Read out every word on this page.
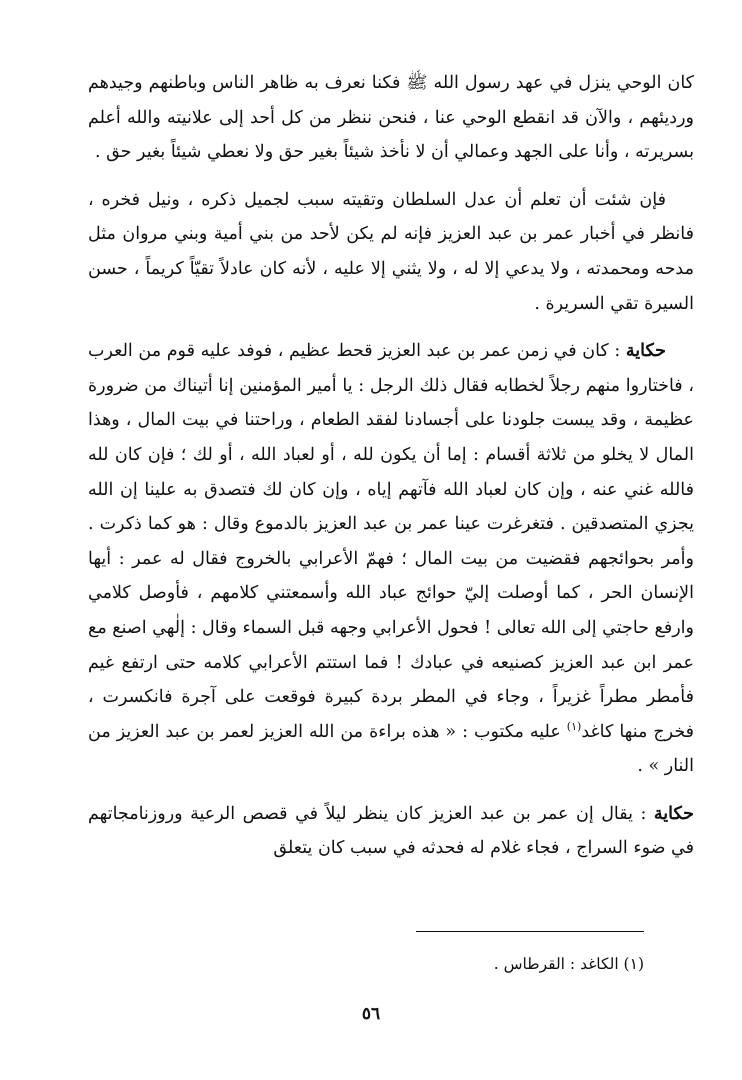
كان الوحي ينزل في عهد رسول الله ﷺ فكنا نعرف به ظاهر الناس وباطنهم وجيدهم ورديئهم ، والآن قد انقطع الوحي عنا ، فنحن ننظر من كل أحد إلى علانيته والله أعلم بسريرته ، وأنا على الجهد وعمالي أن لا نأخذ شيئاً بغير حق ولا نعطي شيئاً بغير حق .

فإن شئت أن تعلم أن عدل السلطان وتقيته سبب لجميل ذكره ، ونيل فخره ، فانظر في أخبار عمر بن عبد العزيز فإنه لم يكن لأحد من بني أمية وبني مروان مثل مدحه ومحمدته ، ولا يدعي إلا له ، ولا يثني إلا عليه ، لأنه كان عادلاً تقيّاً كريماً ، حسن السيرة تقي السريرة .

حكاية : كان في زمن عمر بن عبد العزيز قحط عظيم ، فوفد عليه قوم من العرب ، فاختاروا منهم رجلاً لخطابه فقال ذلك الرجل : يا أمير المؤمنين إنا أتيناك من ضرورة عظيمة ، وقد يبست جلودنا على أجسادنا لفقد الطعام ، وراحتنا في بيت المال ، وهذا المال لا يخلو من ثلاثة أقسام : إما أن يكون لله ، أو لعباد الله ، أو لك ؛ فإن كان لله فالله غني عنه ، وإن كان لعباد الله فآتهم إياه ، وإن كان لك فتصدق به علينا إن الله يجزي المتصدقين . فتغرغرت عينا عمر بن عبد العزيز بالدموع وقال : هو كما ذكرت . وأمر بحوائجهم فقضيت من بيت المال ؛ فهمّ الأعرابي بالخروج فقال له عمر : أيها الإنسان الحر ، كما أوصلت إليّ حوائج عباد الله وأسمعتني كلامهم ، فأوصل كلامي وارفع حاجتي إلى الله تعالى ! فحول الأعرابي وجهه قبل السماء وقال : إلٰهي اصنع مع عمر ابن عبد العزيز كصنيعه في عبادك ! فما استتم الأعرابي كلامه حتى ارتفع غيم فأمطر مطراً غزيراً ، وجاء في المطر بردة كبيرة فوقعت على آجرة فانكسرت ، فخرج منها كاغد$^{(١)}$ عليه مكتوب : « هذه براءة من الله العزيز لعمر بن عبد العزيز من النار » .

حكاية : يقال إن عمر بن عبد العزيز كان ينظر ليلاً في قصص الرعية وروزنامجاتهم في ضوء السراج ، فجاء غلام له فحدثه في سبب كان يتعلق

(١) الكاغد : القرطاس .
٥٦
